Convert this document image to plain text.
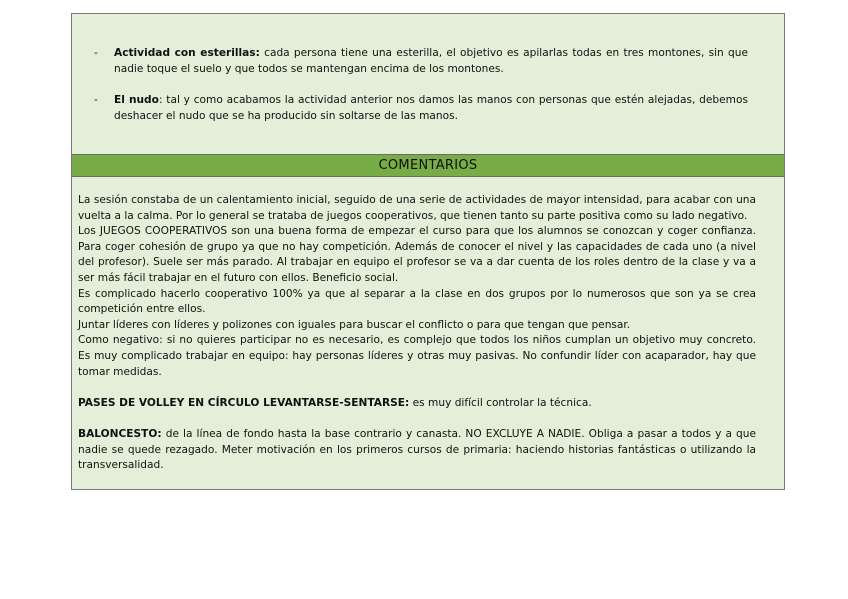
-	Actividad con esterillas: cada persona tiene una esterilla, el objetivo es apilarlas todas en tres montones, sin que nadie toque el suelo y que todos se mantengan encima de los montones.
-	El nudo: tal y como acabamos la actividad anterior nos damos las manos con personas que estén alejadas, debemos deshacer el nudo que se ha producido sin soltarse de las manos.
COMENTARIOS

La sesión constaba de un calentamiento inicial, seguido de una serie de actividades de mayor intensidad, para acabar con una vuelta a la calma. Por lo general se trataba de juegos cooperativos, que tienen tanto su parte positiva como su lado negativo.

Los JUEGOS COOPERATIVOS son una buena forma de empezar el curso para que los alumnos se conozcan y coger confianza. Para coger cohesión de grupo ya que no hay competición. Además de conocer el nivel y las capacidades de cada uno (a nivel del profesor). Suele ser más parado. Al trabajar en equipo el profesor se va a dar cuenta de los roles dentro de la clase y va a ser más fácil trabajar en el futuro con ellos. Beneficio social.

Es complicado hacerlo cooperativo 100% ya que al separar a la clase en dos grupos por lo numerosos que son ya se crea competición entre ellos.

Juntar líderes con líderes y polizones con iguales para buscar el conflicto o para que tengan que pensar.

Como negativo: si no quieres participar no es necesario, es complejo que todos los niños cumplan un objetivo muy concreto. Es muy complicado trabajar en equipo: hay personas líderes y otras muy pasivas. No confundir líder con acaparador, hay que tomar medidas.

PASES DE VOLLEY EN CÍRCULO LEVANTARSE-SENTARSE: es muy difícil controlar la técnica.

BALONCESTO: de la línea de fondo hasta la base contrario y canasta. NO EXCLUYE A NADIE. Obliga a pasar a todos y a que nadie se quede rezagado. Meter motivación en los primeros cursos de primaria: haciendo historias fantásticas o utilizando la transversalidad.
